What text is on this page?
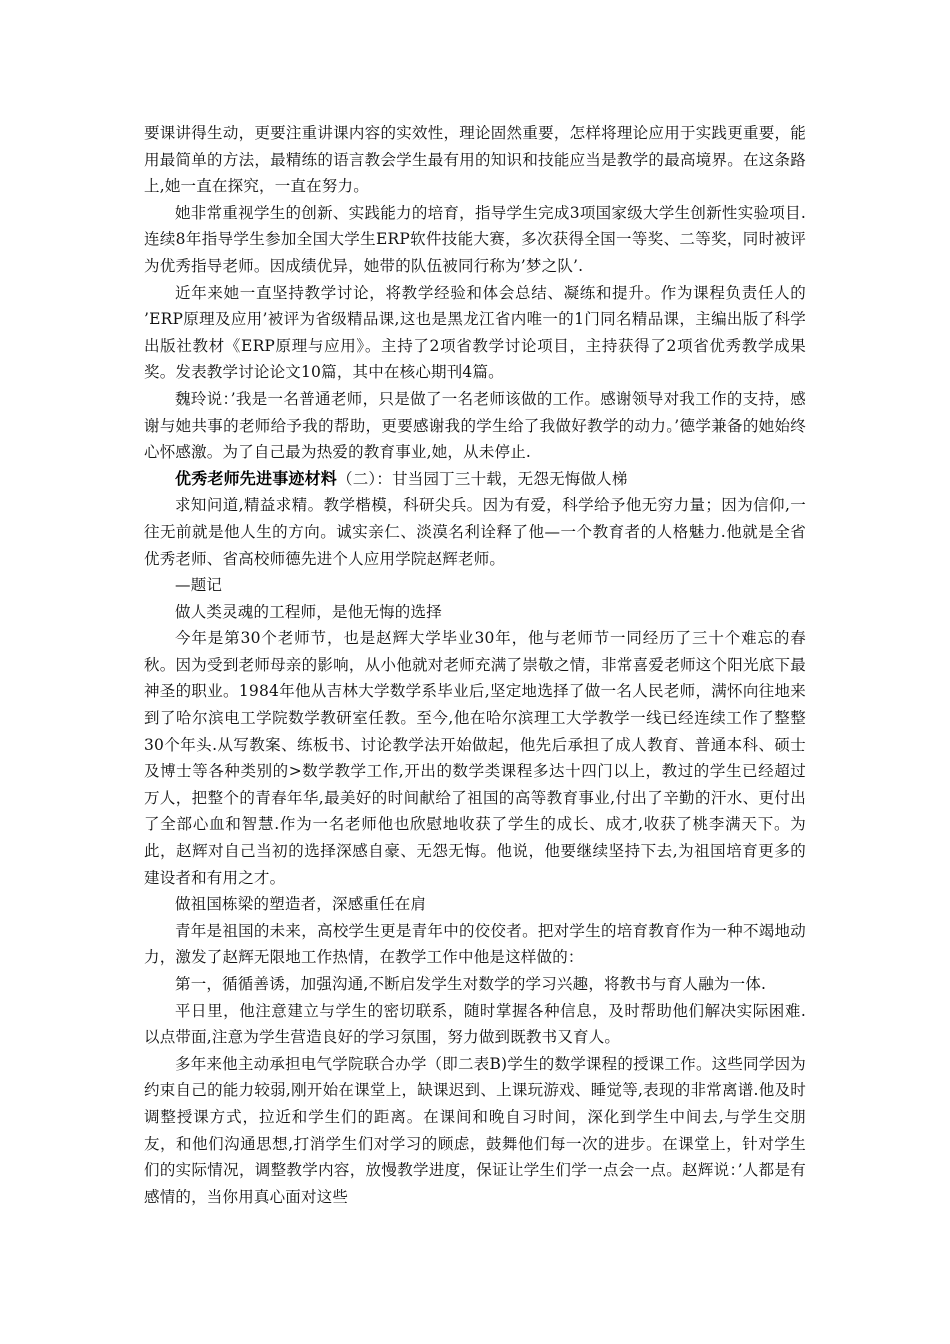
要课讲得生动，更要注重讲课内容的实效性，理论固然重要，怎样将理论应用于实践更重要，能用最简单的方法，最精练的语言教会学生最有用的知识和技能应当是教学的最高境界。在这条路上,她一直在探究，一直在努力。

她非常重视学生的创新、实践能力的培育，指导学生完成3项国家级大学生创新性实验项目.连续8年指导学生参加全国大学生ERP软件技能大赛，多次获得全国一等奖、二等奖，同时被评为优秀指导老师。因成绩优异，她带的队伍被同行称为’梦之队’.

近年来她一直坚持教学讨论，将教学经验和体会总结、凝练和提升。作为课程负责任人的 ’ERP原理及应用’被评为省级精品课,这也是黑龙江省内唯一的1门同名精品课，主编出版了科学出版社教材《ERP原理与应用》。主持了2项省教学讨论项目，主持获得了2项省优秀教学成果奖。发表教学讨论论文10篇，其中在核心期刊4篇。

魏玲说：’我是一名普通老师，只是做了一名老师该做的工作。感谢领导对我工作的支持，感谢与她共事的老师给予我的帮助，更要感谢我的学生给了我做好教学的动力。’德学兼备的她始终心怀感激。为了自己最为热爱的教育事业,她，从未停止.

优秀老师先进事迹材料（二）：甘当园丁三十载，无怨无悔做人梯

求知问道,精益求精。教学楷模，科研尖兵。因为有爱，科学给予他无穷力量；因为信仰,一往无前就是他人生的方向。诚实亲仁、淡漠名利诠释了他—一个教育者的人格魅力.他就是全省优秀老师、省高校师德先进个人应用学院赵辉老师。

—题记

做人类灵魂的工程师，是他无悔的选择

今年是第30个老师节，也是赵辉大学毕业30年，他与老师节一同经历了三十个难忘的春秋。因为受到老师母亲的影响，从小他就对老师充满了崇敬之情，非常喜爱老师这个阳光底下最神圣的职业。1984年他从吉林大学数学系毕业后,坚定地选择了做一名人民老师，满怀向往地来到了哈尔滨电工学院数学教研室任教。至今,他在哈尔滨理工大学教学一线已经连续工作了整整30个年头.从写教案、练板书、讨论教学法开始做起，他先后承担了成人教育、普通本科、硕士及博士等各种类别的>数学教学工作,开出的数学类课程多达十四门以上，教过的学生已经超过万人，把整个的青春年华,最美好的时间献给了祖国的高等教育事业,付出了辛勤的汗水、更付出了全部心血和智慧.作为一名老师他也欣慰地收获了学生的成长、成才,收获了桃李满天下。为此，赵辉对自己当初的选择深感自豪、无怨无悔。他说，他要继续坚持下去,为祖国培育更多的建设者和有用之才。

做祖国栋梁的塑造者，深感重任在肩

青年是祖国的未来，高校学生更是青年中的佼佼者。把对学生的培育教育作为一种不竭地动力，激发了赵辉无限地工作热情，在教学工作中他是这样做的：

第一，循循善诱，加强沟通,不断启发学生对数学的学习兴趣，将教书与育人融为一体.

平日里，他注意建立与学生的密切联系，随时掌握各种信息，及时帮助他们解决实际困难.以点带面,注意为学生营造良好的学习氛围，努力做到既教书又育人。

多年来他主动承担电气学院联合办学（即二表B)学生的数学课程的授课工作。这些同学因为约束自己的能力较弱,刚开始在课堂上，缺课迟到、上课玩游戏、睡觉等,表现的非常离谱.他及时调整授课方式，拉近和学生们的距离。在课间和晚自习时间，深化到学生中间去,与学生交朋友，和他们沟通思想,打消学生们对学习的顾虑，鼓舞他们每一次的进步。在课堂上，针对学生们的实际情况，调整教学内容，放慢教学进度，保证让学生们学一点会一点。赵辉说：’人都是有感情的，当你用真心面对这些
